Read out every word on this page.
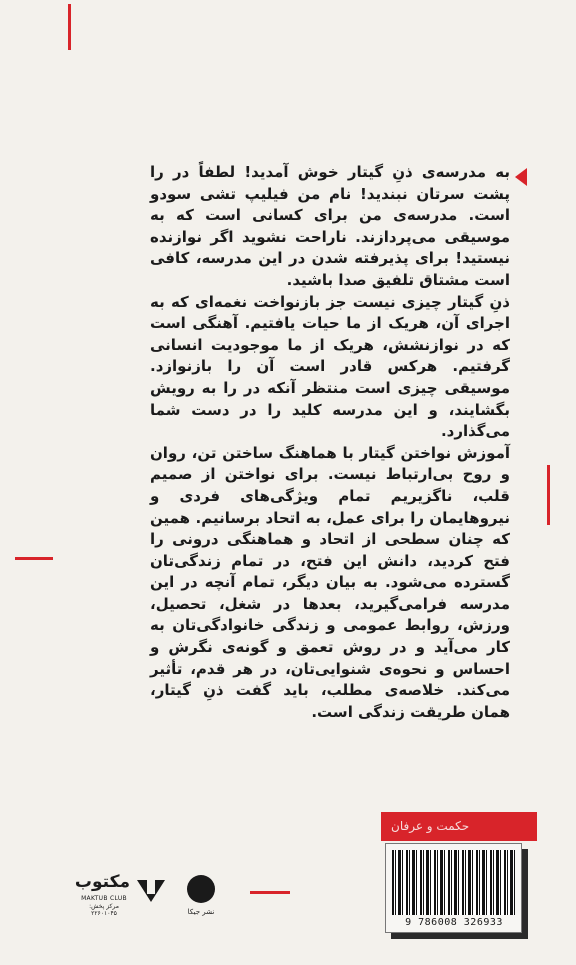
به مدرسه‌ی ذنِ گیتار خوش آمدید! لطفاً در را پشت سرتان نبندید! نام من فیلیپ تشی سودو است. مدرسه‌ی من برای کسانی است که به موسیقی می‌پردازند. ناراحت نشوید اگر نوازنده نیستید! برای پذیرفته شدن در این مدرسه، کافی است مشتاق تلفیق صدا باشید.

ذنِ گیتار چیزی نیست جز بازنواخت نغمه‌ای که به اجرای آن، هریک از ما حیات یافتیم. آهنگی است که در نوازنشش، هریک از ما موجودیت انسانی گرفتیم. هرکس قادر است آن را بازنوازد. موسیقی چیزی است منتظر آنکه در را به رویش بگشایند، و این مدرسه کلید را در دست شما می‌گذارد.

آموزش نواختن گیتار با هماهنگ ساختن تن، روان و روح بی‌ارتباط نیست. برای نواختن از صمیم قلب، ناگزیریم تمام ویژگی‌های فردی و نیروهایمان را برای عمل، به اتحاد برسانیم. همین که چنان سطحی از اتحاد و هماهنگی درونی را فتح کردید، دانش این فتح، در تمام زندگی‌تان گسترده می‌شود. به بیان دیگر، تمام آنچه در این مدرسه فرامی‌گیرید، بعدها در شغل، تحصیل، ورزش، روابط عمومی و زندگی خانوادگی‌تان به کار می‌آید و در روش تعمق و گونه‌ی نگرش و احساس و نحوه‌ی شنوایی‌تان، در هر قدم، تأثیر می‌کند. خلاصه‌ی مطلب، باید گفت ذنِ گیتار، همان طریقت زندگی است.

حکمت و عرفان
9 786008 326933
مکتوب
MAKTUB CLUB
مرکز پخش: ۲۲۶۰۱۰۴۵	نشر جیکا
